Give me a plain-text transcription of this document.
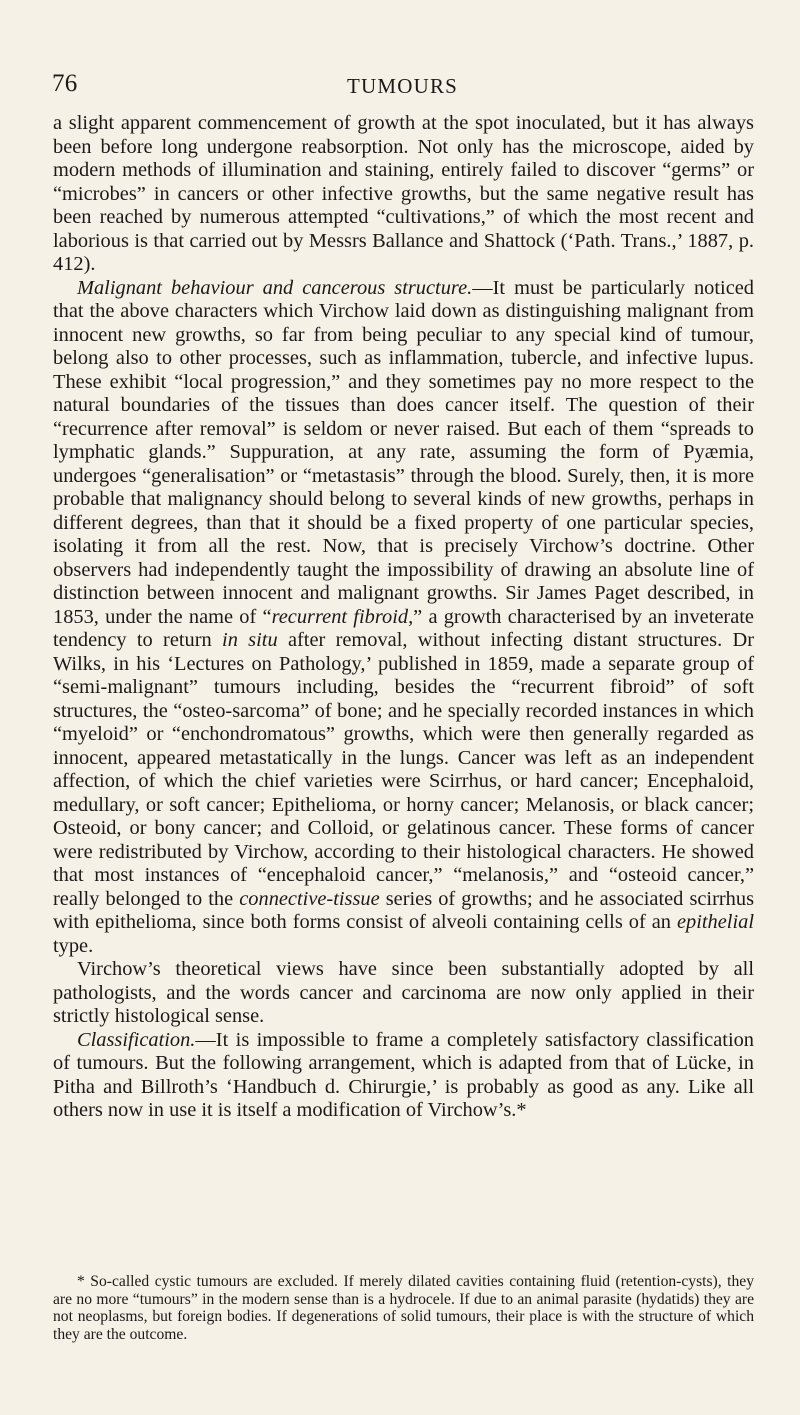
76	TUMOURS

a slight apparent commencement of growth at the spot inoculated, but it has always been before long undergone reabsorption. Not only has the microscope, aided by modern methods of illumination and staining, entirely failed to discover “germs” or “microbes” in cancers or other infective growths, but the same negative result has been reached by numerous attempted “cultivations,” of which the most recent and laborious is that carried out by Messrs Ballance and Shattock (‘Path. Trans.,’ 1887, p. 412).

Malignant behaviour and cancerous structure.—It must be particularly noticed that the above characters which Virchow laid down as distinguishing malignant from innocent new growths, so far from being peculiar to any special kind of tumour, belong also to other processes, such as inflammation, tubercle, and infective lupus. These exhibit “local progression,” and they sometimes pay no more respect to the natural boundaries of the tissues than does cancer itself. The question of their “recurrence after removal” is seldom or never raised. But each of them “spreads to lymphatic glands.” Suppuration, at any rate, assuming the form of Pyæmia, undergoes “generalisation” or “metastasis” through the blood. Surely, then, it is more probable that malignancy should belong to several kinds of new growths, perhaps in different degrees, than that it should be a fixed property of one particular species, isolating it from all the rest. Now, that is precisely Virchow’s doctrine. Other observers had independently taught the impossibility of drawing an absolute line of distinction between innocent and malignant growths. Sir James Paget described, in 1853, under the name of “recurrent fibroid,” a growth characterised by an inveterate tendency to return in situ after removal, without infecting distant structures. Dr Wilks, in his ‘Lectures on Pathology,’ published in 1859, made a separate group of “semi-malignant” tumours including, besides the “recurrent fibroid” of soft structures, the “osteo-sarcoma” of bone; and he specially recorded instances in which “myeloid” or “enchondromatous” growths, which were then generally regarded as innocent, appeared metastatically in the lungs. Cancer was left as an independent affection, of which the chief varieties were Scirrhus, or hard cancer; Encephaloid, medullary, or soft cancer; Epithelioma, or horny cancer; Melanosis, or black cancer; Osteoid, or bony cancer; and Colloid, or gelatinous cancer. These forms of cancer were redistributed by Virchow, according to their histological characters. He showed that most instances of “encephaloid cancer,” “melanosis,” and “osteoid cancer,” really belonged to the connective-tissue series of growths; and he associated scirrhus with epithelioma, since both forms consist of alveoli containing cells of an epithelial type.

Virchow’s theoretical views have since been substantially adopted by all pathologists, and the words cancer and carcinoma are now only applied in their strictly histological sense.

Classification.—It is impossible to frame a completely satisfactory classification of tumours. But the following arrangement, which is adapted from that of Lücke, in Pitha and Billroth’s ‘Handbuch d. Chirurgie,’ is probably as good as any. Like all others now in use it is itself a modification of Virchow’s.*

* So-called cystic tumours are excluded. If merely dilated cavities containing fluid (retention-cysts), they are no more “tumours” in the modern sense than is a hydrocele. If due to an animal parasite (hydatids) they are not neoplasms, but foreign bodies. If degenerations of solid tumours, their place is with the structure of which they are the outcome.
